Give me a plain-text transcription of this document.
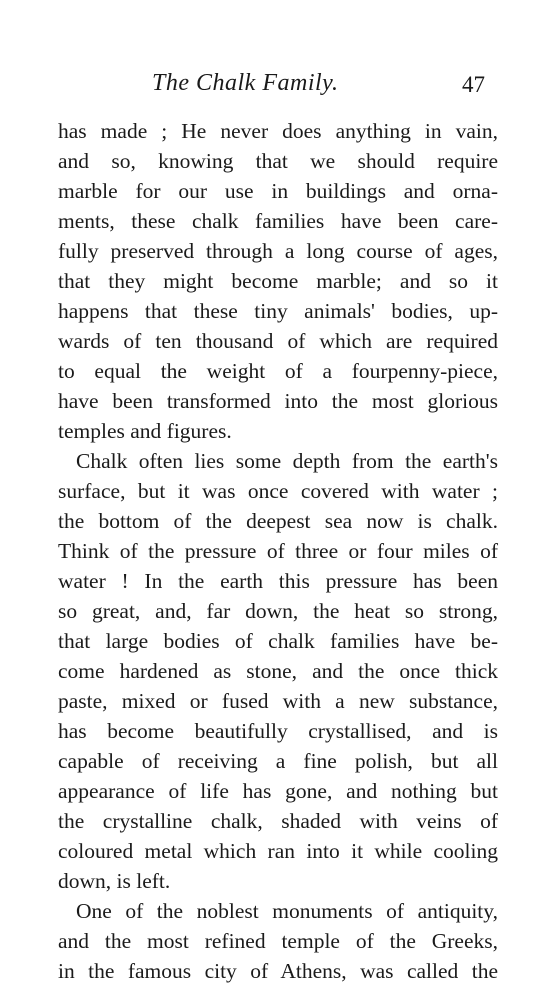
The Chalk Family.	47
has made ; He never does anything in vain,
and so, knowing that we should require
marble for our use in buildings and orna-
ments, these chalk families have been care-
fully preserved through a long course of ages,
that they might become marble; and so it
happens that these tiny animals' bodies, up-
wards of ten thousand of which are required
to equal the weight of a fourpenny-piece,
have been transformed into the most glorious
temples and figures.
Chalk often lies some depth from the earth's
surface, but it was once covered with water ;
the bottom of the deepest sea now is chalk.
Think of the pressure of three or four miles of
water ! In the earth this pressure has been
so great, and, far down, the heat so strong,
that large bodies of chalk families have be-
come hardened as stone, and the once thick
paste, mixed or fused with a new substance,
has become beautifully crystallised, and is
capable of receiving a fine polish, but all
appearance of life has gone, and nothing but
the crystalline chalk, shaded with veins of
coloured metal which ran into it while cooling
down, is left.
One of the noblest monuments of antiquity,
and the most refined temple of the Greeks,
in the famous city of Athens, was called the
